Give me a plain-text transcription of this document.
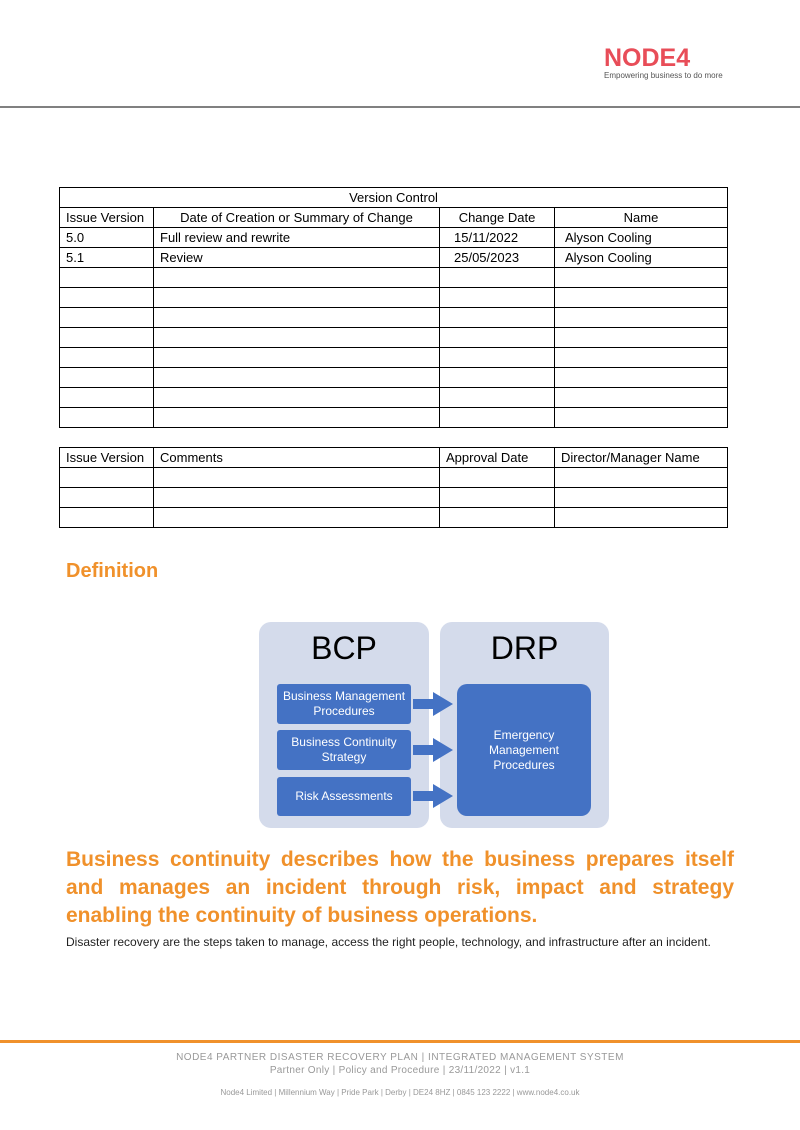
NODE4
Empowering business to do more
Version Control			
Issue Version	Date of Creation or Summary of Change	Change Date	Name
5.0	Full review and rewrite	15/11/2022	Alyson Cooling
5.1	Review	25/05/2023	Alyson Cooling

Issue Version	Comments	Approval Date	Director/Manager Name

Definition
BCP
Business Management Procedures
Business Continuity Strategy
Risk Assessments
DRP
Emergency Management Procedures
Business continuity describes how the business prepares itself and manages an incident through risk, impact and strategy enabling the continuity of business operations.
Disaster recovery are the steps taken to manage, access the right people, technology, and infrastructure after an incident.
NODE4 PARTNER DISASTER RECOVERY PLAN | INTEGRATED MANAGEMENT SYSTEM
Partner Only | Policy and Procedure | 23/11/2022 | v1.1
Node4 Limited | Millennium Way | Pride Park | Derby | DE24 8HZ | 0845 123 2222 | www.node4.co.uk
